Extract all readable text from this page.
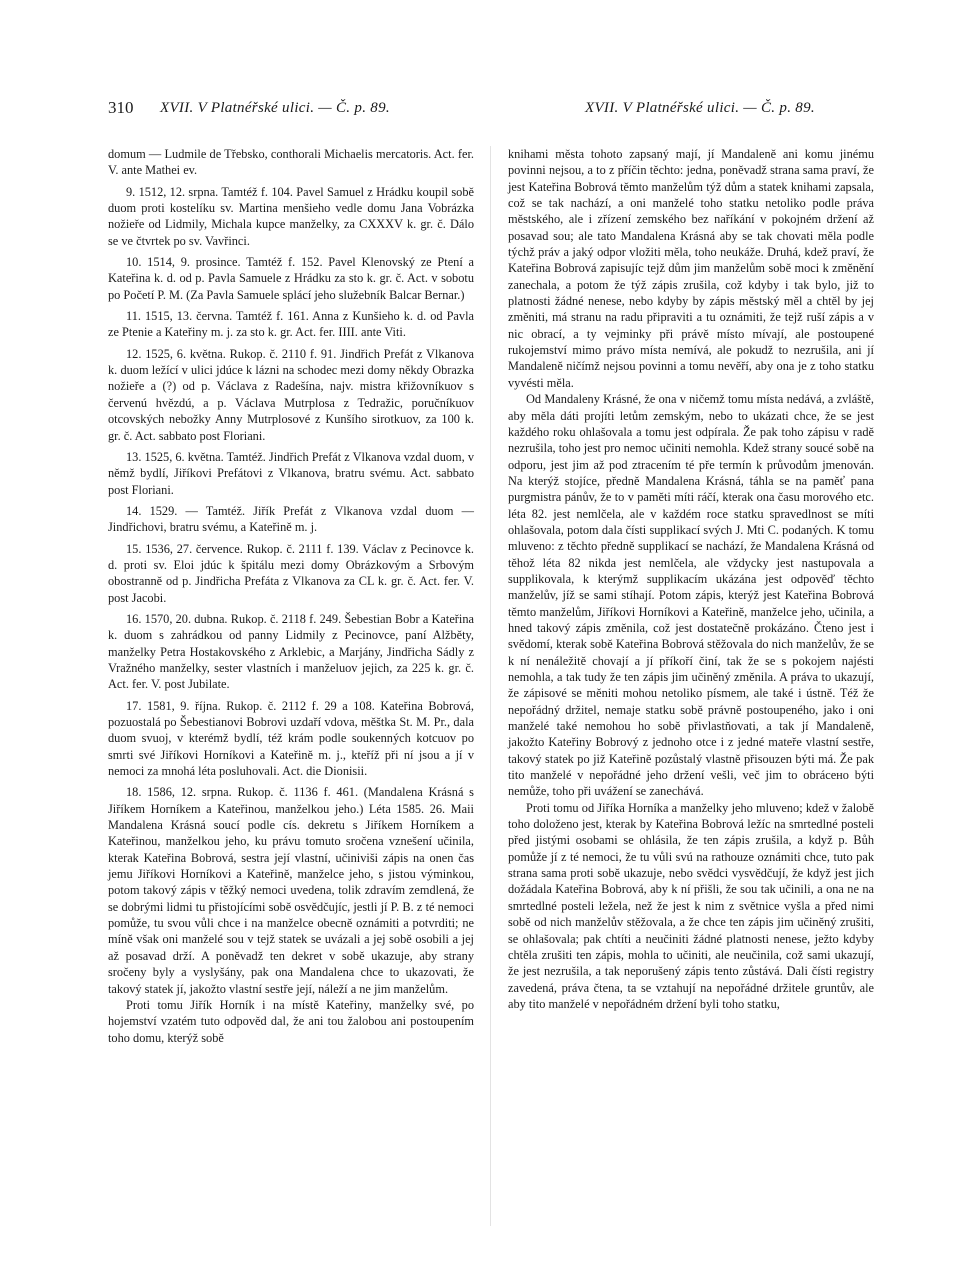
310 XVII. V Platnéřské ulici. — Č. p. 89.	XVII. V Platnéřské ulici. — Č. p. 89.

domum — Ludmile de Třebsko, conthorali Michaelis mercatoris. Act. fer. V. ante Mathei ev.

9. 1512, 12. srpna. Tamtéž f. 104. Pavel Samuel z Hrádku koupil sobě duom proti kostelíku sv. Martina menšieho vedle domu Jana Vobrázka nožieře od Lidmily, Michala kupce manželky, za CXXXV k. gr. č. Dálo se ve čtvrtek po sv. Vavřinci.

10. 1514, 9. prosince. Tamtéž f. 152. Pavel Klenovský ze Ptení a Kateřina k. d. od p. Pavla Samuele z Hrádku za sto k. gr. č. Act. v sobotu po Početí P. M. (Za Pavla Samuele splácí jeho služebník Balcar Bernar.)

11. 1515, 13. června. Tamtéž f. 161. Anna z Kunšieho k. d. od Pavla ze Ptenie a Kateřiny m. j. za sto k. gr. Act. fer. IIII. ante Viti.

12. 1525, 6. května. Rukop. č. 2110 f. 91. Jindřich Prefát z Vlkanova k. duom ležící v ulici jdúce k lázni na schodec mezi domy někdy Obrazka nožieře a (?) od p. Václava z Radešína, najv. mistra křižovníkuov s červenú hvězdú, a p. Václava Mutrplosa z Tedražic, poručníkuov otcovských nebožky Anny Mutrplosové z Kunšího sirotkuov, za 100 k. gr. č. Act. sabbato post Floriani.

13. 1525, 6. května. Tamtéž. Jindřich Prefát z Vlkanova vzdal duom, v němž bydlí, Jiříkovi Prefátovi z Vlkanova, bratru svému. Act. sabbato post Floriani.

14. 1529. — Tamtéž. Jiřík Prefát z Vlkanova vzdal duom — Jindřichovi, bratru svému, a Kateřině m. j.

15. 1536, 27. července. Rukop. č. 2111 f. 139. Václav z Pecinovce k. d. proti sv. Eloi jdúc k špitálu mezi domy Obrázkovým a Srbovým obostranně od p. Jindřicha Prefáta z Vlkanova za CL k. gr. č. Act. fer. V. post Jacobi.

16. 1570, 20. dubna. Rukop. č. 2118 f. 249. Šebestian Bobr a Kateřina k. duom s zahrádkou od panny Lidmily z Pecinovce, paní Alžběty, manželky Petra Hostakovského z Arklebic, a Marjány, Jindřicha Sádly z Vražného manželky, sester vlastních i manželuov jejich, za 225 k. gr. č. Act. fer. V. post Jubilate.

17. 1581, 9. října. Rukop. č. 2112 f. 29 a 108. Kateřina Bobrová, pozuostalá po Šebestianovi Bobrovi uzdaří vdova, měštka St. M. Pr., dala duom svuoj, v kterémž bydlí, též krám podle soukenných kotcuov po smrti své Jiříkovi Horníkovi a Kateřině m. j., kteříž při ní jsou a jí v nemoci za mnohá léta posluhovali. Act. die Dionisii.

18. 1586, 12. srpna. Rukop. č. 1136 f. 461. (Mandalena Krásná s Jiříkem Horníkem a Kateřinou, manželkou jeho.) Léta 1585. 26. Maii Mandalena Krásná soucí podle cís. dekretu s Jiříkem Horníkem a Kateřinou, manželkou jeho, ku právu tomuto sročena vznešení učinila, kterak Kateřina Bobrová, sestra její vlastní, učiniviši zápis na onen čas jemu Jiříkovi Horníkovi a Kateřině, manželce jeho, s jistou výminkou, potom takový zápis v těžký nemoci uvedena, tolik zdravím zemdlená, že se dobrými lidmi tu přistojícími sobě osvědčujíc, jestli jí P. B. z té nemoci pomůže, tu svou vůli chce i na manželce obecně oznámiti a potvrditi; ne míně však oni manželé sou v tejž statek se uvázali a jej sobě osobili a jej až posavad drží. A poněvadž ten dekret v sobě ukazuje, aby strany sročeny byly a vyslyšány, pak ona Mandalena chce to ukazovati, že takový statek jí, jakožto vlastní sestře její, náleží a ne jim manželům.

Proti tomu Jiřík Horník i na místě Kateřiny, manželky své, po hojemství vzatém tuto odpověd dal, že ani tou žalobou ani postoupením toho domu, kterýž sobě

knihami města tohoto zapsaný mají, jí Mandaleně ani komu jinému povinni nejsou, a to z příčin těchto: jedna, poněvadž strana sama praví, že jest Kateřina Bobrová těmto manželům týž dům a statek knihami zapsala, což se tak nachází, a oni manželé toho statku netoliko podle práva městského, ale i zřízení zemského bez naříkání v pokojném držení až posavad sou; ale tato Mandalena Krásná aby se tak chovati měla podle týchž práv a jaký odpor vložiti měla, toho neukáže. Druhá, kdež praví, že Kateřina Bobrová zapisujíc tejž dům jim manželům sobě moci k změnění zanechala, a potom že týž zápis zrušila, což kdyby i tak bylo, již to platnosti žádné nenese, nebo kdyby by zápis městský měl a chtěl by jej změniti, má stranu na radu připraviti a tu oznámiti, že tejž ruší zápis a v nic obrací, a ty vejminky při právě místo mívají, ale postoupené rukojemství mimo právo místa nemívá, ale pokudž to nezrušila, ani jí Mandaleně ničímž nejsou povinni a tomu nevěří, aby ona je z toho statku vyvésti měla.

Od Mandaleny Krásné, že ona v ničemž tomu místa nedává, a zvláště, aby měla dáti projíti letům zemským, nebo to ukázati chce, že se jest každého roku ohlašovala a tomu jest odpírala. Že pak toho zápisu v radě nezrušila, toho jest pro nemoc učiniti nemohla. Kdež strany soucé sobě na odporu, jest jim až pod ztracením té pře termín k průvodům jmenován. Na kterýž stojíce, předně Mandalena Krásná, táhla se na paměť pana purgmistra pánův, že to v paměti míti ráčí, kterak ona času morového etc. léta 82. jest nemlčela, ale v každém roce statku spravedlnost se míti ohlašovala, potom dala čísti supplikací svých J. Mti C. podaných. K tomu mluveno: z těchto předně supplikací se nachází, že Mandalena Krásná od těhož léta 82 nikda jest nemlčela, ale vždycky jest nastupovala a supplikovala, k kterýmž supplikacím ukázána jest odpověď těchto manželův, jíž se sami stíhají. Potom zápis, kterýž jest Kateřina Bobrová těmto manželům, Jiříkovi Horníkovi a Kateřině, manželce jeho, učinila, a hned takový zápis změnila, což jest dostatečně prokázáno. Čteno jest i svědomí, kterak sobě Kateřina Bobrová stěžovala do nich manželův, že se k ní nenáležitě chovají a jí příkoří činí, tak že se s pokojem najésti nemohla, a tak tudy že ten zápis jim učiněný změnila. A práva to ukazují, že zápisové se měniti mohou netoliko písmem, ale také i ústně. Též že nepořádný držitel, nemaje statku sobě právně postoupeného, jako i oni manželé také nemohou ho sobě přivlastňovati, a tak jí Mandaleně, jakožto Kateřiny Bobrový z jednoho otce i z jedné mateře vlastní sestře, takový statek po již Kateřině pozůstalý vlastně přisouzen býti má. Že pak tito manželé v nepořádné jeho držení vešli, več jim to obrácено býti nemůže, toho při uvážení se zanechává.

Proti tomu od Jiříka Horníka a manželky jeho mluveno; kdež v žalobě toho doloženo jest, kterak by Kateřina Bobrová ležíc na smrtedlné posteli před jistými osobami se ohlásila, že ten zápis zrušila, a když p. Bůh pomůže jí z té nemoci, že tu vůli svú na rathouze oznámiti chce, tuto pak strana sama proti sobě ukazuje, nebo svědci vysvědčují, že když jest jich dožádala Kateřina Bobrová, aby k ní přišli, že sou tak učinili, a ona ne na smrtedlné posteli ležela, než že jest k nim z světnice vyšla a před nimi sobě od nich manželův stěžovala, a že chce ten zápis jim učiněný zrušiti, se ohlašovala; pak chtíti a neučiniti žádné platnosti nenese, ježto kdyby chtěla zrušiti ten zápis, mohla to učiniti, ale neučinila, což sami ukazují, že jest nezrušila, a tak neporušený zápis tento zůstává. Dali čísti registry zavedená, práva čtena, ta se vztahují na nepořádné držitele gruntův, ale aby tito manželé v nepořádném držení byli toho statku,
